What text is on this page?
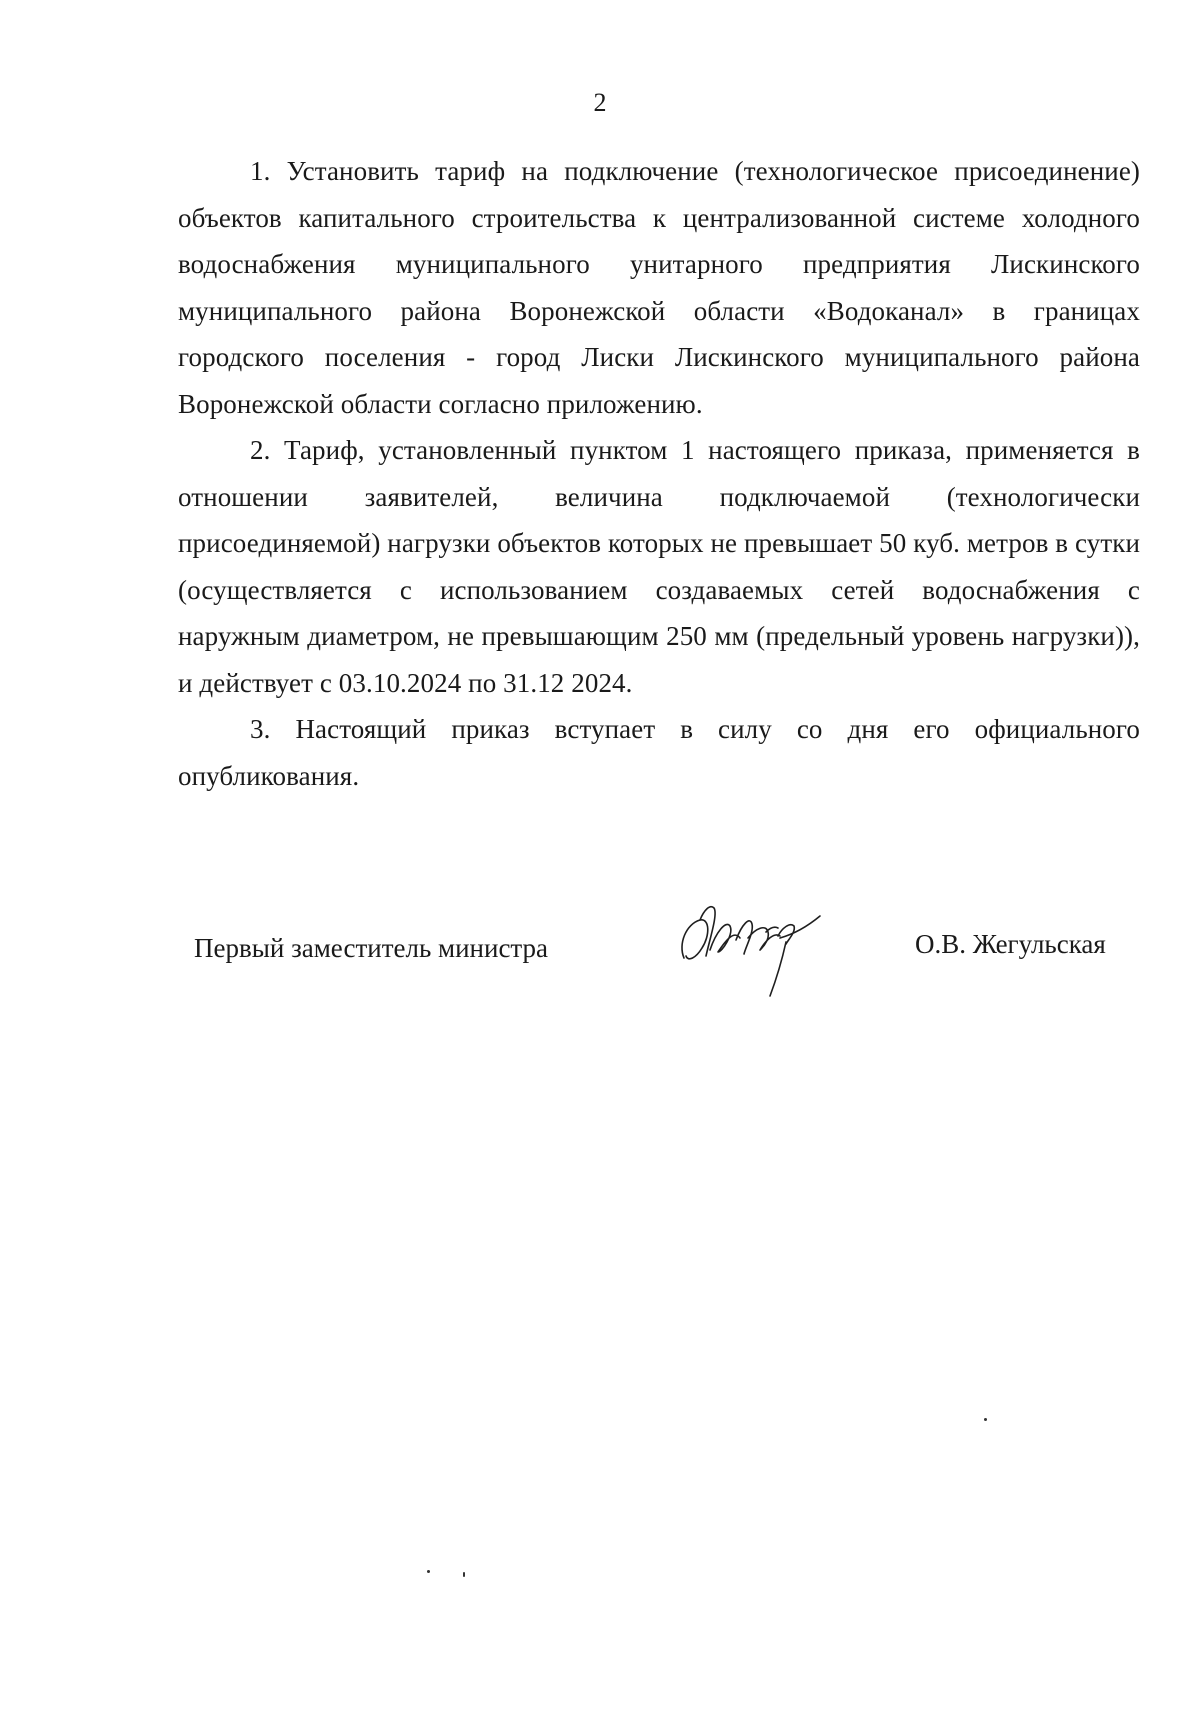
2

1. Установить тариф на подключение (технологическое присоединение) объектов капитального строительства к централизованной системе холодного водоснабжения муниципального унитарного предприятия Лискинского муниципального района Воронежской области «Водоканал» в границах городского поселения - город Лиски Лискинского муниципального района Воронежской области согласно приложению.

2. Тариф, установленный пунктом 1 настоящего приказа, применяется в отношении заявителей, величина подключаемой (технологически присоединяемой) нагрузки объектов которых не превышает 50 куб. метров в сутки (осуществляется с использованием создаваемых сетей водоснабжения с наружным диаметром, не превышающим 250 мм (предельный уровень нагрузки)), и действует с 03.10.2024 по 31.12 2024.

3. Настоящий приказ вступает в силу со дня его официального опубликования.

Первый заместитель министра	О.В. Жегульская
